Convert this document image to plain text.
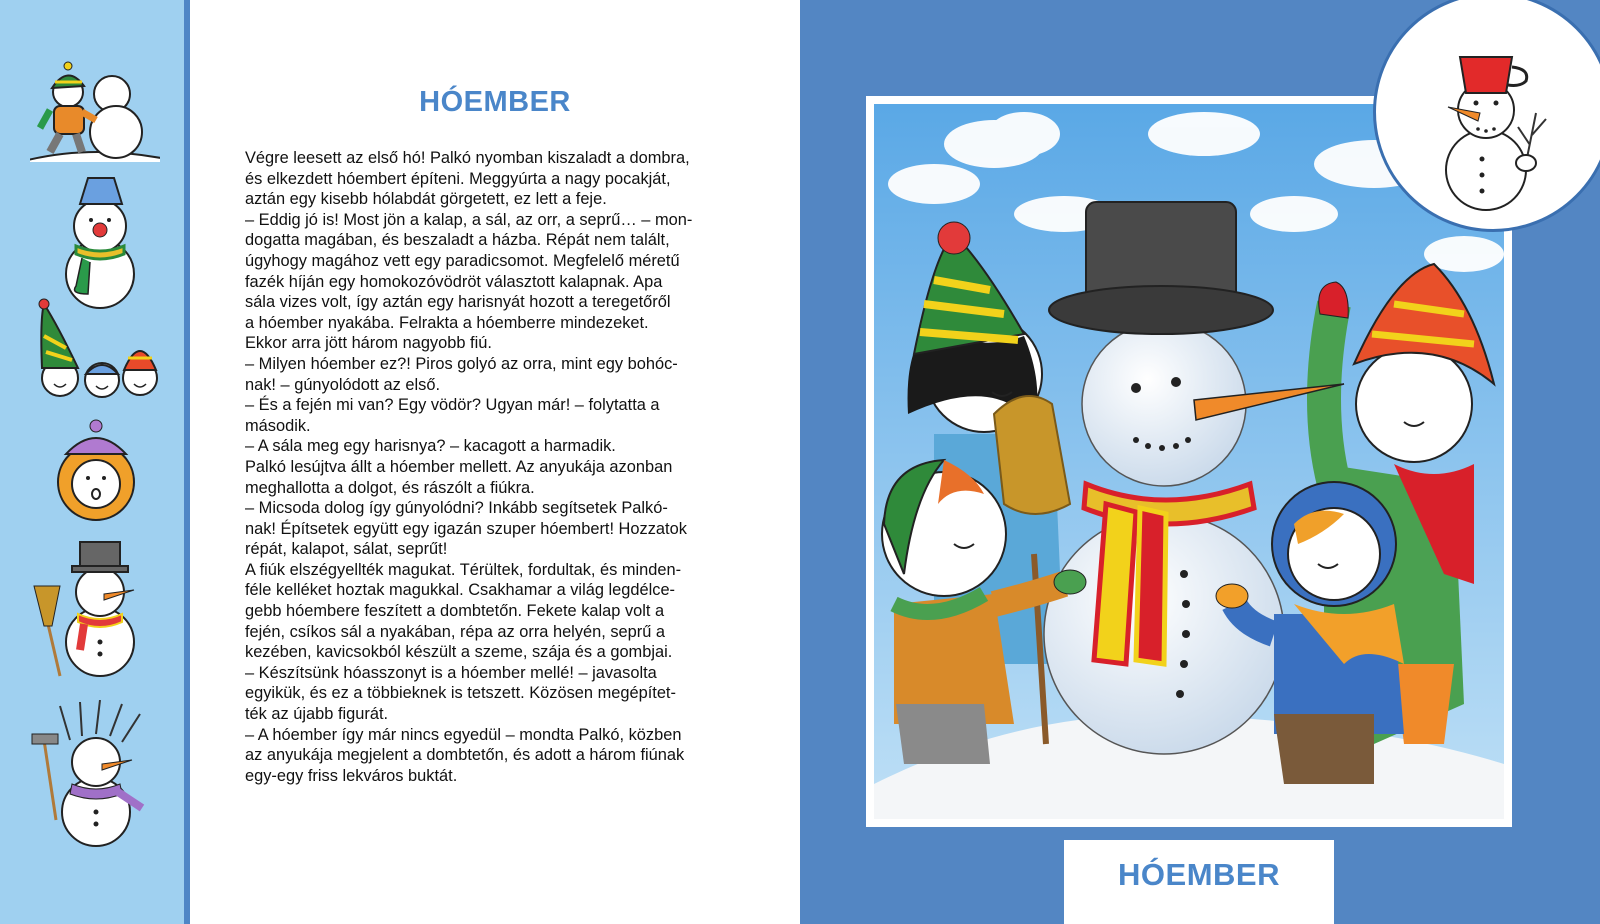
HÓEMBER

Végre leesett az első hó! Palkó nyomban kiszaladt a dombra,

és elkezdett hóembert építeni. Meggyúrta a nagy pocakját,

aztán egy kisebb hólabdát görgetett, ez lett a feje.

– Eddig jó is! Most jön a kalap, a sál, az orr, a seprű… – mon-

dogatta magában, és beszaladt a házba. Répát nem talált,

úgyhogy magához vett egy paradicsomot. Megfelelő méretű

fazék híján egy homokozóvödröt választott kalapnak. Apa

sála vizes volt, így aztán egy harisnyát hozott a teregetőről

a hóember nyakába. Felrakta a hóemberre mindezeket.

Ekkor arra jött három nagyobb fiú.

– Milyen hóember ez?! Piros golyó az orra, mint egy bohóc-

nak! – gúnyolódott az első.

– És a fején mi van? Egy vödör? Ugyan már! – folytatta a

második.

– A sála meg egy harisnya? – kacagott a harmadik.

Palkó lesújtva állt a hóember mellett. Az anyukája azonban

meghallotta a dolgot, és rászólt a fiúkra.

– Micsoda dolog így gúnyolódni? Inkább segítsetek Palkó-

nak! Építsetek együtt egy igazán szuper hóembert! Hozzatok

répát, kalapot, sálat, seprűt!

A fiúk elszégyellték magukat. Térültek, fordultak, és minden-

féle kelléket hoztak magukkal. Csakhamar a világ legdélce-

gebb hóembere feszített a dombtetőn. Fekete kalap volt a

fején, csíkos sál a nyakában, répa az orra helyén, seprű a

kezében, kavicsokból készült a szeme, szája és a gombjai.

– Készítsünk hóasszonyt is a hóember mellé! – javasolta

egyikük, és ez a többieknek is tetszett. Közösen megépítet-

ték az újabb figurát.

– A hóember így már nincs egyedül – mondta Palkó, közben

az anyukája megjelent a dombtetőn, és adott a három fiúnak

egy-egy friss lekváros buktát.

HÓEMBER
